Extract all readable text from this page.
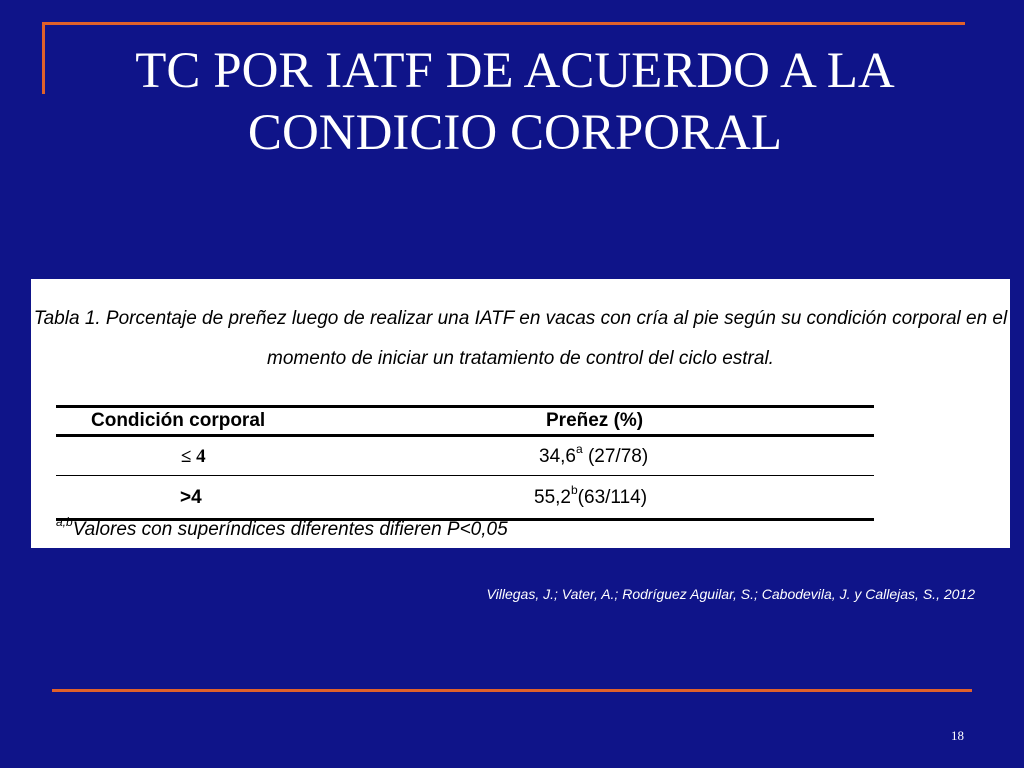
TC POR IATF DE ACUERDO A LA CONDICIO CORPORAL
Tabla 1. Porcentaje de preñez luego de realizar una IATF en vacas con cría al pie según su condición corporal en el momento de iniciar un tratamiento de control del ciclo estral.
Condición corporal	Preñez (%)
≤ 4	34,6$^a$ (27/78)
>4	55,2$^b$(63/114)
$^{a,b}$Valores con superíndices diferentes difieren P<0,05
Villegas, J.; Vater, A.; Rodríguez Aguilar, S.; Cabodevila, J. y Callejas, S., 2012
18
